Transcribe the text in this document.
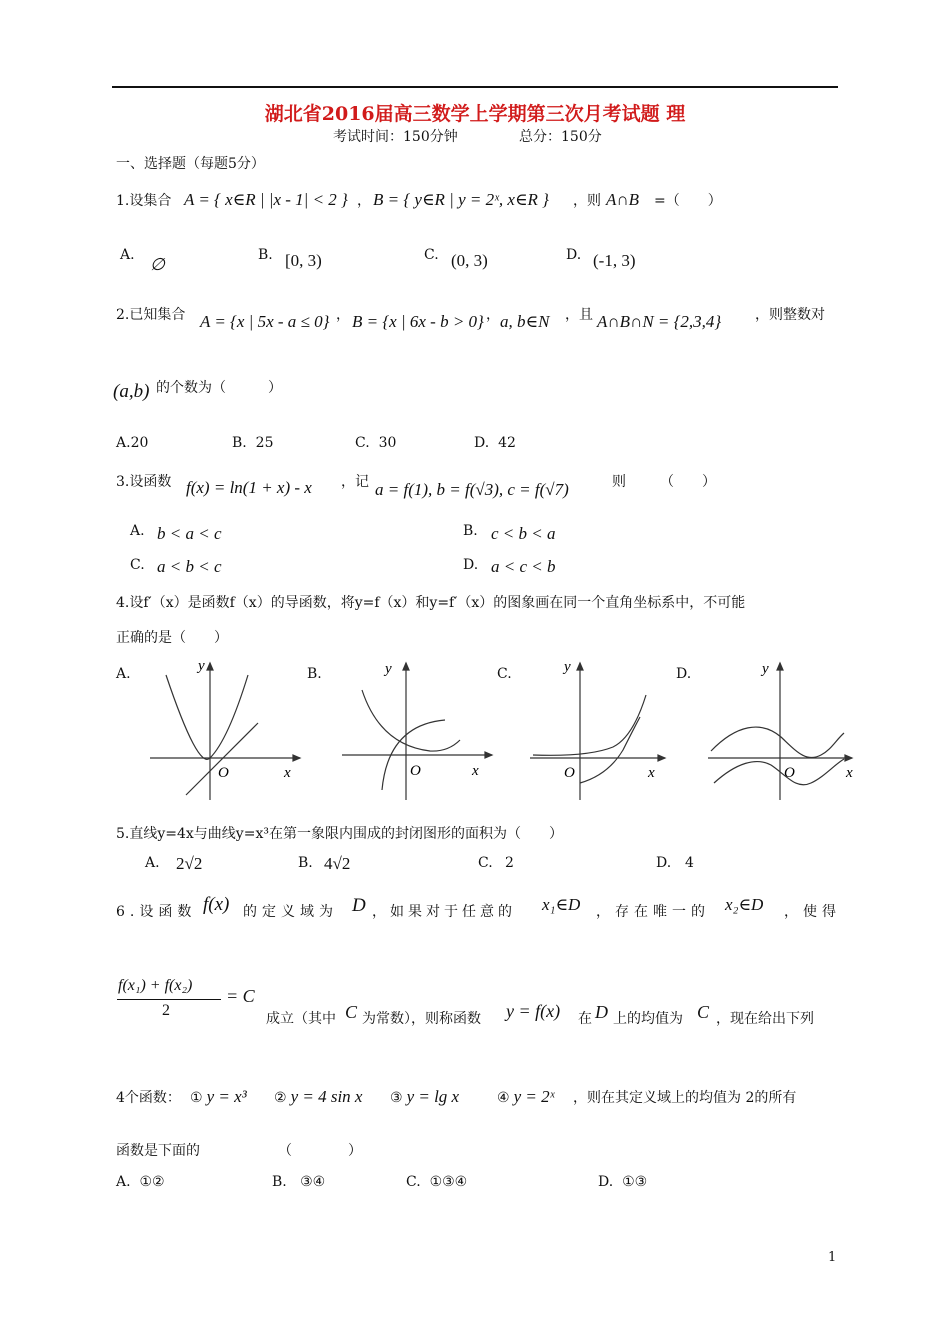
湖北省2016届高三数学上学期第三次月考试题 理
考试时间：150分钟	总分：150分
一、选择题（每题5分）
1.设集合 A = { x∈R | |x - 1| < 2 } ， B = { y∈R | y = 2ˣ, x∈R } ，则 A∩B =（　　）
A. ∅	B. [0, 3)	C. (0, 3)	D. (-1, 3)
2.已知集合 A = {x | 5x - a ≤ 0} ， B = {x | 6x - b > 0} ， a, b∈N ，且 A∩B∩N = {2,3,4} ，则整数对
(a,b) 的个数为（　　　）
A.20	B. 25	C. 30	D. 42
3.设函数 f(x) = ln(1 + x) - x ，记 a = f(1), b = f(√3), c = f(√7)	则 （　　）
A. b < a < c	B. c < b < a
C. a < b < c	D. a < c < b
4.设f′（x）是函数f（x）的导函数，将y=f（x）和y=f′（x）的图象画在同一个直角坐标系中，不可能
正确的是（　　）
A.	y
x
O
B.	y
x
O
C.	y
x
O
D.	y
x
O
5.直线y=4x与曲线y=x³在第一象限内围成的封闭图形的面积为（　　）
A. 2√2	B. 4√2	C. 2	D. 4
6.设函数 f(x) 的定义域为 D ，如果对于任意的 x₁∈D ，存在唯一的 x₂∈D ，使得
f(x₁) + f(x₂)
2
= C
成立（其中 C 为常数），则称函数 y = f(x) 在 D 上的均值为 C ，现在给出下列
4个函数： ① y = x³ ② y = 4 sin x ③ y = lg x	④ y = 2ˣ ，则在其定义域上的均值为 2的所有
函数是下面的	（　　　　）
A. ①②	B. ③④	C. ①③④	D. ①③
1
